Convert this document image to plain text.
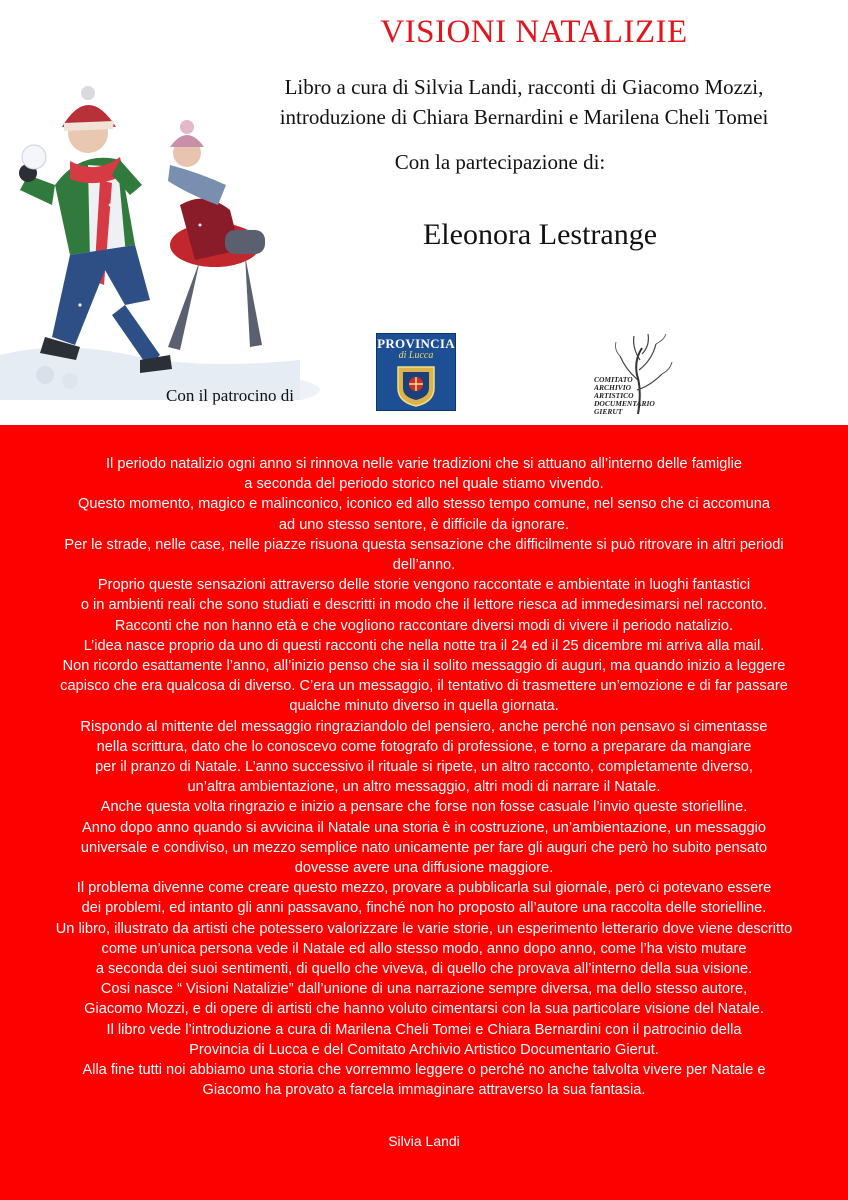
VISIONI NATALIZIE
Libro a cura di Silvia Landi, racconti di Giacomo Mozzi,
introduzione di Chiara Bernardini e Marilena Cheli Tomei
Con la partecipazione di:
Eleonora Lestrange
Con il patrocino di
PROVINCIA
di Lucca
COMITATO
ARCHIVIO
ARTISTICO
DOCUMENTARIO
GIERUT

Il periodo natalizio ogni anno si rinnova nelle varie tradizioni che si attuano all’interno delle famiglie

a seconda del periodo storico nel quale stiamo vivendo.

Questo momento, magico e malinconico, iconico ed allo stesso tempo comune, nel senso che ci accomuna

ad uno stesso sentore, è difficile da ignorare.

Per le strade, nelle case, nelle piazze risuona questa sensazione che difficilmente si può ritrovare in altri periodi

dell’anno.

Proprio queste sensazioni attraverso delle storie vengono raccontate e ambientate in luoghi fantastici

o in ambienti reali che sono studiati e descritti in modo che il lettore riesca ad immedesimarsi nel racconto.

Racconti che non hanno età e che vogliono raccontare diversi modi di vivere il periodo natalizio.

L’idea nasce proprio da uno di questi racconti che nella notte tra il 24 ed il 25 dicembre mi arriva alla mail.

Non ricordo esattamente l’anno, all’inizio penso che sia il solito messaggio di auguri, ma quando inizio a leggere

capisco che era qualcosa di diverso. C’era un messaggio, il tentativo di trasmettere un’emozione e di far passare

qualche minuto diverso in quella giornata.

Rispondo al mittente del messaggio ringraziandolo del pensiero, anche perché non pensavo si cimentasse

nella scrittura, dato che lo conoscevo come fotografo di professione, e torno a preparare da mangiare

per il pranzo di Natale. L’anno successivo il rituale si ripete, un altro racconto, completamente diverso,

un’altra ambientazione, un altro messaggio, altri modi di narrare il Natale.

Anche questa volta ringrazio e inizio a pensare che forse non fosse casuale l’invio queste storielline.

Anno dopo anno quando si avvicina il Natale una storia è in costruzione, un’ambientazione, un messaggio

universale e condiviso, un mezzo semplice nato unicamente per fare gli auguri che però ho subito pensato

dovesse avere una diffusione maggiore.

Il problema divenne come creare questo mezzo, provare a pubblicarla sul giornale, però ci potevano essere

dei problemi, ed intanto gli anni passavano, finché non ho proposto all’autore una raccolta delle storielline.

Un libro, illustrato da artisti che potessero valorizzare le varie storie, un esperimento letterario dove viene descritto

come un’unica persona vede il Natale ed allo stesso modo, anno dopo anno, come l’ha visto mutare

a seconda dei suoi sentimenti, di quello che viveva, di quello che provava all’interno della sua visione.

Cosi nasce “ Visioni Natalizie” dall’unione di una narrazione sempre diversa, ma dello stesso autore,

Giacomo Mozzi, e di opere di artisti che hanno voluto cimentarsi con la sua particolare visione del Natale.

Il libro vede l’introduzione a cura di Marilena Cheli Tomei e Chiara Bernardini con il patrocinio della

Provincia di Lucca e del Comitato Archivio Artistico Documentario Gierut.

Alla fine tutti noi abbiamo una storia che vorremmo leggere o perché no anche talvolta vivere per Natale e

Giacomo ha provato a farcela immaginare attraverso la sua fantasia.

Silvia Landi
